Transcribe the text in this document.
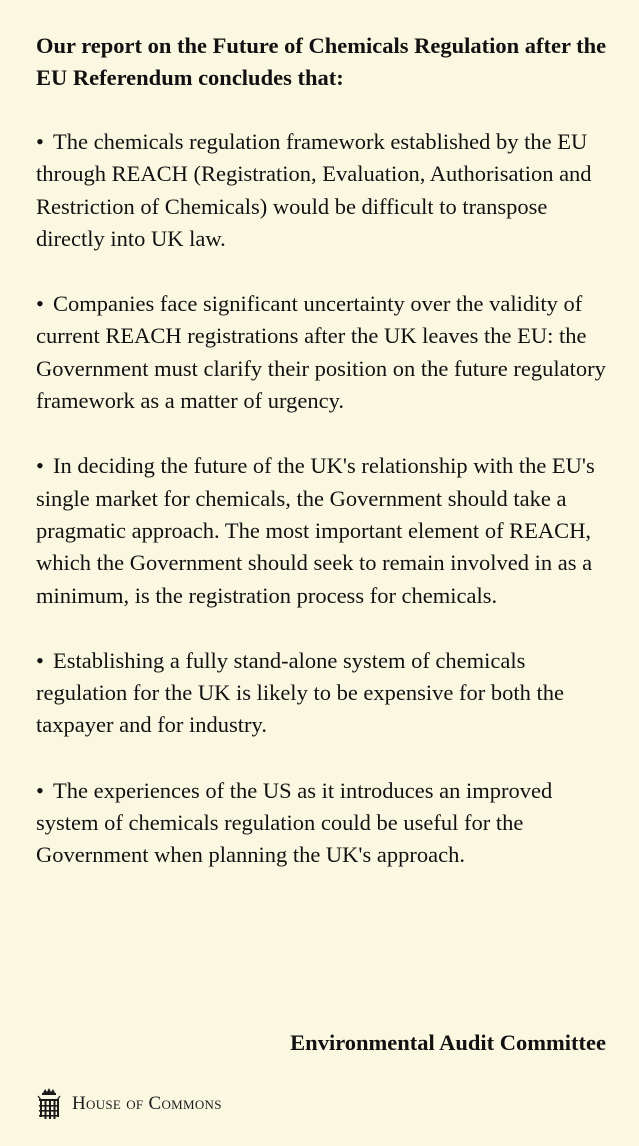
Our report on the Future of Chemicals Regulation after the EU Referendum concludes that:

• The chemicals regulation framework established by the EU through REACH (Registration, Evaluation, Authorisation and Restriction of Chemicals) would be difficult to transpose directly into UK law.
• Companies face significant uncertainty over the validity of current REACH registrations after the UK leaves the EU: the Government must clarify their position on the future regulatory framework as a matter of urgency.
• In deciding the future of the UK's relationship with the EU's single market for chemicals, the Government should take a pragmatic approach. The most important element of REACH, which the Government should seek to remain involved in as a minimum, is the registration process for chemicals.
• Establishing a fully stand-alone system of chemicals regulation for the UK is likely to be expensive for both the taxpayer and for industry.
• The experiences of the US as it introduces an improved system of chemicals regulation could be useful for the Government when planning the UK's approach.

Environmental Audit Committee

House of Commons
